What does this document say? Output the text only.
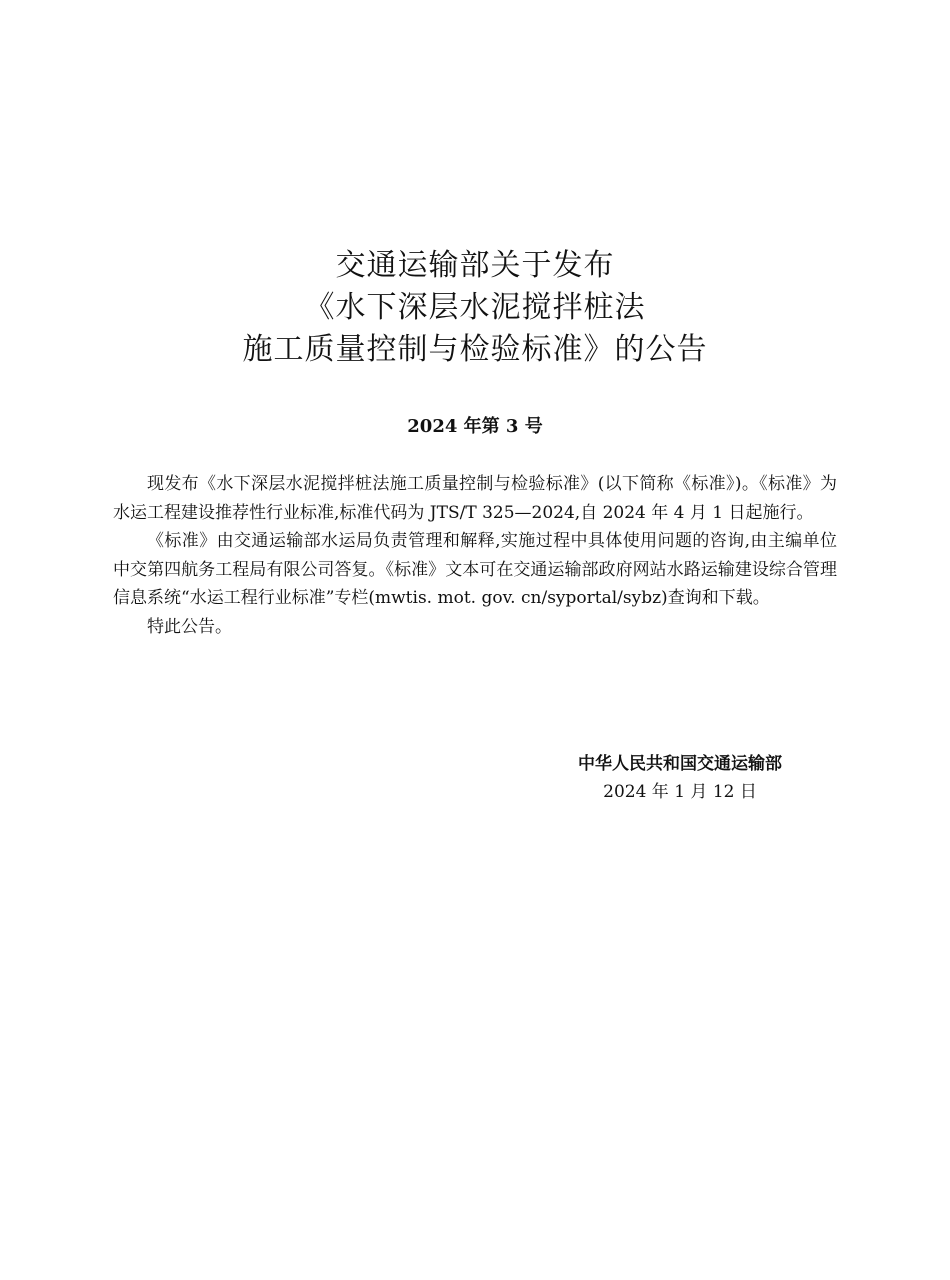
交通运输部关于发布
《水下深层水泥搅拌桩法
施工质量控制与检验标准》的公告
2024 年第 3 号

现发布《水下深层水泥搅拌桩法施工质量控制与检验标准》(以下简称《标准》)。《标准》为水运工程建设推荐性行业标准,标准代码为 JTS/T 325—2024,自 2024 年 4 月 1 日起施行。

《标准》由交通运输部水运局负责管理和解释,实施过程中具体使用问题的咨询,由主编单位中交第四航务工程局有限公司答复。《标准》文本可在交通运输部政府网站水路运输建设综合管理信息系统“水运工程行业标准”专栏(mwtis. mot. gov. cn/syportal/sybz)查询和下载。

特此公告。

中华人民共和国交通运输部
2024 年 1 月 12 日
